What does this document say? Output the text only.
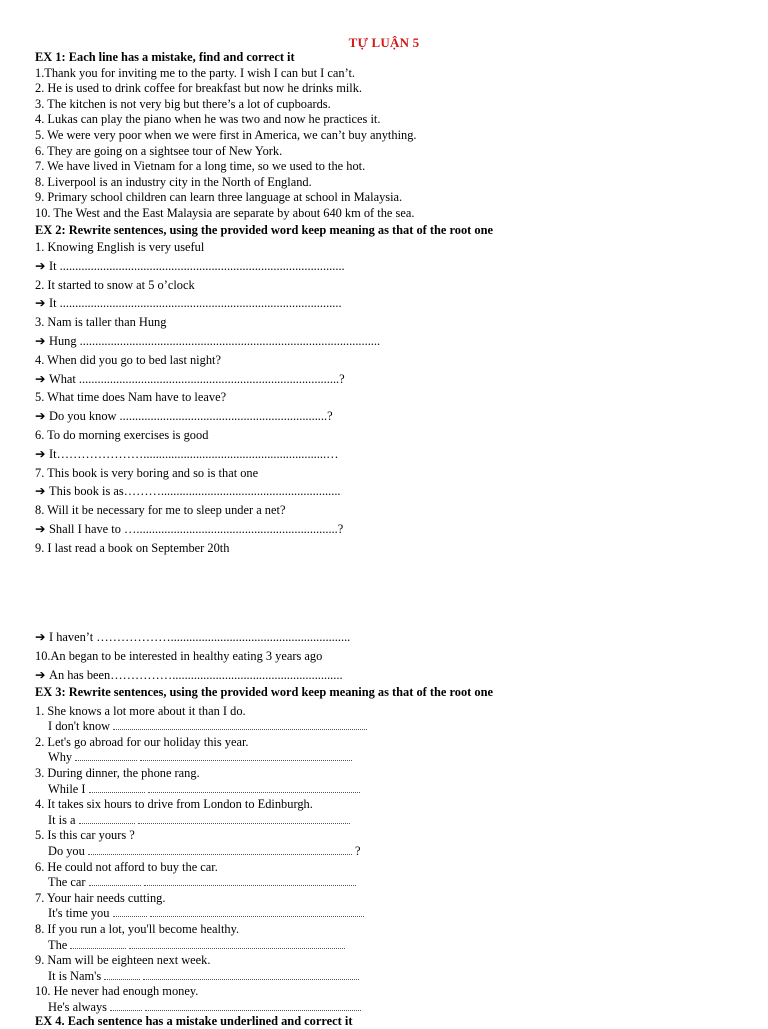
TỰ LUẬN 5
EX 1: Each line has a mistake, find and correct it
1.Thank you for inviting me to the party. I wish I can but I can’t.
2. He is used to drink coffee for breakfast but now he drinks milk.
3. The kitchen is not very big but there’s a lot of cupboards.
4. Lukas can play the piano when he was two and now he practices it.
5. We were very poor when we were first in America, we can’t buy anything.
6. They are going on a sightsee tour of New York.
7. We have lived in Vietnam for a long time, so we used to the hot.
8. Liverpool is an industry city in the North of England.
9. Primary school children can learn three language at school in Malaysia.
10. The West and the East Malaysia are separate by about 640 km of the sea.
EX 2: Rewrite sentences, using the provided word keep meaning as that of the root one
1. Knowing English is very useful
➔ It ............................................................................................
2. It started to snow at 5 o’clock
➔ It ...........................................................................................
3. Nam is taller than Hung
➔ Hung .................................................................................................
4. When did you go to bed last night?
➔ What ....................................................................................?
5. What time does Nam have to leave?
➔ Do you know ...................................................................?
6. To do morning exercises is good
➔ It…………………...........................................................…
7. This book is very boring and so is that one
➔ This book is as………..........................................................
8. Will it be necessary for me to sleep under a net?
➔ Shall I have to ….................................................................?
9. I last read a book on September 20th
➔ I haven’t ………………..........................................................
10.An began to be interested in healthy eating 3 years ago
➔ An has been…………….......................................................
EX 3: Rewrite sentences, using the provided word keep meaning as that of the root one
1. She knows a lot more about it than I do.
I don't know
2. Let's go abroad for our holiday this year.
Why
3. During dinner, the phone rang.
While I
4. It takes six hours to drive from London to Edinburgh.
It is a
5. Is this car yours ?
Do you	?
6. He could not afford to buy the car.
The car
7. Your hair needs cutting.
It's time you
8. If you run a lot, you'll become healthy.
The
9. Nam will be eighteen next week.
It is Nam's
10. He never had enough money.
He's always
EX 4. Each sentence has a mistake underlined and correct it
